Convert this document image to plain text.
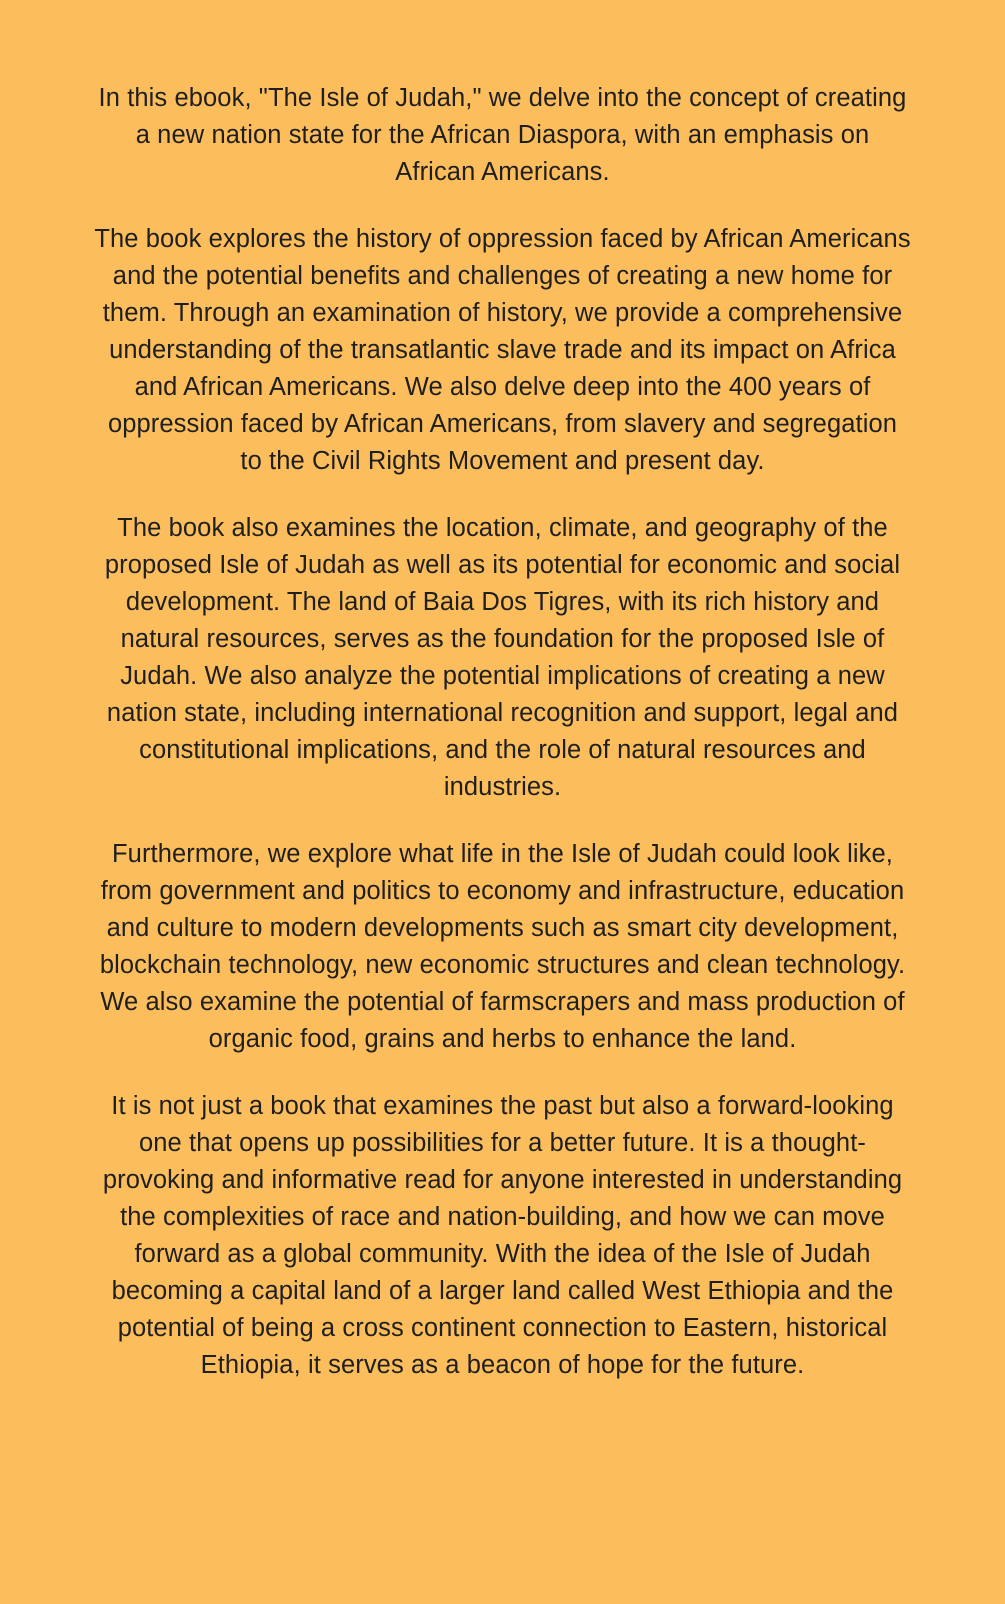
In this ebook, "The Isle of Judah," we delve into the concept of creating a new nation state for the African Diaspora, with an emphasis on African Americans.

The book explores the history of oppression faced by African Americans and the potential benefits and challenges of creating a new home for them. Through an examination of history, we provide a comprehensive understanding of the transatlantic slave trade and its impact on Africa and African Americans. We also delve deep into the 400 years of oppression faced by African Americans, from slavery and segregation to the Civil Rights Movement and present day.

The book also examines the location, climate, and geography of the proposed Isle of Judah as well as its potential for economic and social development. The land of Baia Dos Tigres, with its rich history and natural resources, serves as the foundation for the proposed Isle of Judah. We also analyze the potential implications of creating a new nation state, including international recognition and support, legal and constitutional implications, and the role of natural resources and industries.

Furthermore, we explore what life in the Isle of Judah could look like, from government and politics to economy and infrastructure, education and culture to modern developments such as smart city development, blockchain technology, new economic structures and clean technology. We also examine the potential of farmscrapers and mass production of organic food, grains and herbs to enhance the land.

It is not just a book that examines the past but also a forward-looking one that opens up possibilities for a better future. It is a thought-provoking and informative read for anyone interested in understanding the complexities of race and nation-building, and how we can move forward as a global community. With the idea of the Isle of Judah becoming a capital land of a larger land called West Ethiopia and the potential of being a cross continent connection to Eastern, historical Ethiopia, it serves as a beacon of hope for the future.
